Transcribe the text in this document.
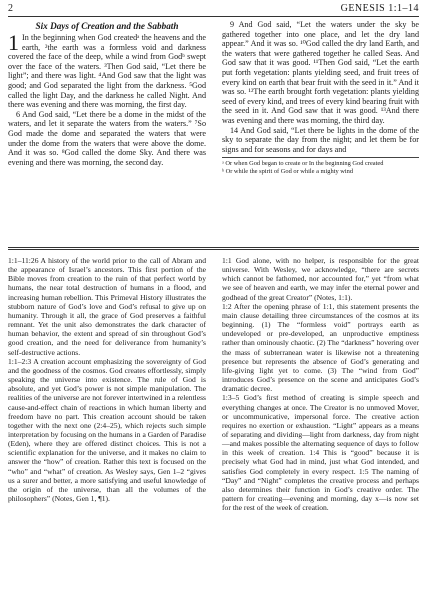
2	GENESIS 1:1–14
Six Days of Creation and the Sabbath

1 In the beginning when God createdᵃ the heavens and the earth, ²the earth was a formless void and darkness covered the face of the deep, while a wind from Godᵇ swept over the face of the waters. ³Then God said, “Let there be light”; and there was light. ⁴And God saw that the light was good; and God separated the light from the darkness. ⁵God called the light Day, and the darkness he called Night. And there was evening and there was morning, the first day.

6 And God said, “Let there be a dome in the midst of the waters, and let it separate the waters from the waters.” ⁷So God made the dome and separated the waters that were under the dome from the waters that were above the dome. And it was so. ⁸God called the dome Sky. And there was evening and there was morning, the second day.

9 And God said, “Let the waters under the sky be gathered together into one place, and let the dry land appear.” And it was so. ¹⁰God called the dry land Earth, and the waters that were gathered together he called Seas. And God saw that it was good. ¹¹Then God said, “Let the earth put forth vegetation: plants yielding seed, and fruit trees of every kind on earth that bear fruit with the seed in it.” And it was so. ¹²The earth brought forth vegetation: plants yielding seed of every kind, and trees of every kind bearing fruit with the seed in it. And God saw that it was good. ¹³And there was evening and there was morning, the third day.

14 And God said, “Let there be lights in the dome of the sky to separate the day from the night; and let them be for signs and for seasons and for days and

ᵃ Or when God began to create or In the beginning God created
ᵇ Or while the spirit of God or while a mighty wind

1:1–11:26 A history of the world prior to the call of Abram and the appearance of Israel’s ancestors. This first portion of the Bible moves from creation to the ruin of that perfect world by humans, the near total destruction of humans in a flood, and increasing human rebellion. This Primeval History illustrates the stubborn nature of God’s love and God’s refusal to give up on humanity. Through it all, the grace of God preserves a faithful remnant. Yet the unit also demonstrates the dark character of human behavior, the extent and spread of sin throughout God’s good creation, and the need for deliverance from humanity’s self-destructive actions.

1:1–2:3 A creation account emphasizing the sovereignty of God and the goodness of the cosmos. God creates effortlessly, simply speaking the universe into existence. The rule of God is absolute, and yet God’s power is not simple manipulation. The realities of the universe are not forever intertwined in a relentless cause-and-effect chain of reactions in which human liberty and freedom have no part. This creation account should be taken together with the next one (2:4–25), which rejects such simple interpretation by focusing on the humans in a Garden of Paradise (Eden), where they are offered distinct choices. This is not a scientific explanation for the universe, and it makes no claim to answer the “how” of creation. Rather this text is focused on the “who” and “what” of creation. As Wesley says, Gen 1–2 “gives us a surer and better, a more satisfying and useful knowledge of the origin of the universe, than all the volumes of the philosophers” (Notes, Gen 1, ¶1).

1:1 God alone, with no helper, is responsible for the great universe. With Wesley, we acknowledge, “there are secrets which cannot be fathomed, nor accounted for,” yet “from what we see of heaven and earth, we may infer the eternal power and godhead of the great Creator” (Notes, 1:1).

1:2 After the opening phrase of 1:1, this statement presents the main clause detailing three circumstances of the cosmos at its beginning. (1) The “formless void” portrays earth as undeveloped or pre-developed, an unproductive emptiness rather than ominously chaotic. (2) The “darkness” hovering over the mass of subterranean water is likewise not a threatening presence but represents the absence of God’s generating and life-giving light yet to come. (3) The “wind from God” introduces God’s presence on the scene and anticipates God’s dramatic decree.

1:3–5 God’s first method of creating is simple speech and everything changes at once. The Creator is no unmoved Mover, or uncommunicative, impersonal force. The creative action requires no exertion or exhaustion. “Light” appears as a means of separating and dividing—light from darkness, day from night—and makes possible the alternating sequence of days to follow in this week of creation. 1:4 This is “good” because it is precisely what God had in mind, just what God intended, and satisfies God completely in every respect. 1:5 The naming of “Day” and “Night” completes the creative process and perhaps also determines their function in God’s creative order. The pattern for creating—evening and morning, day x—is now set for the rest of the week of creation.
